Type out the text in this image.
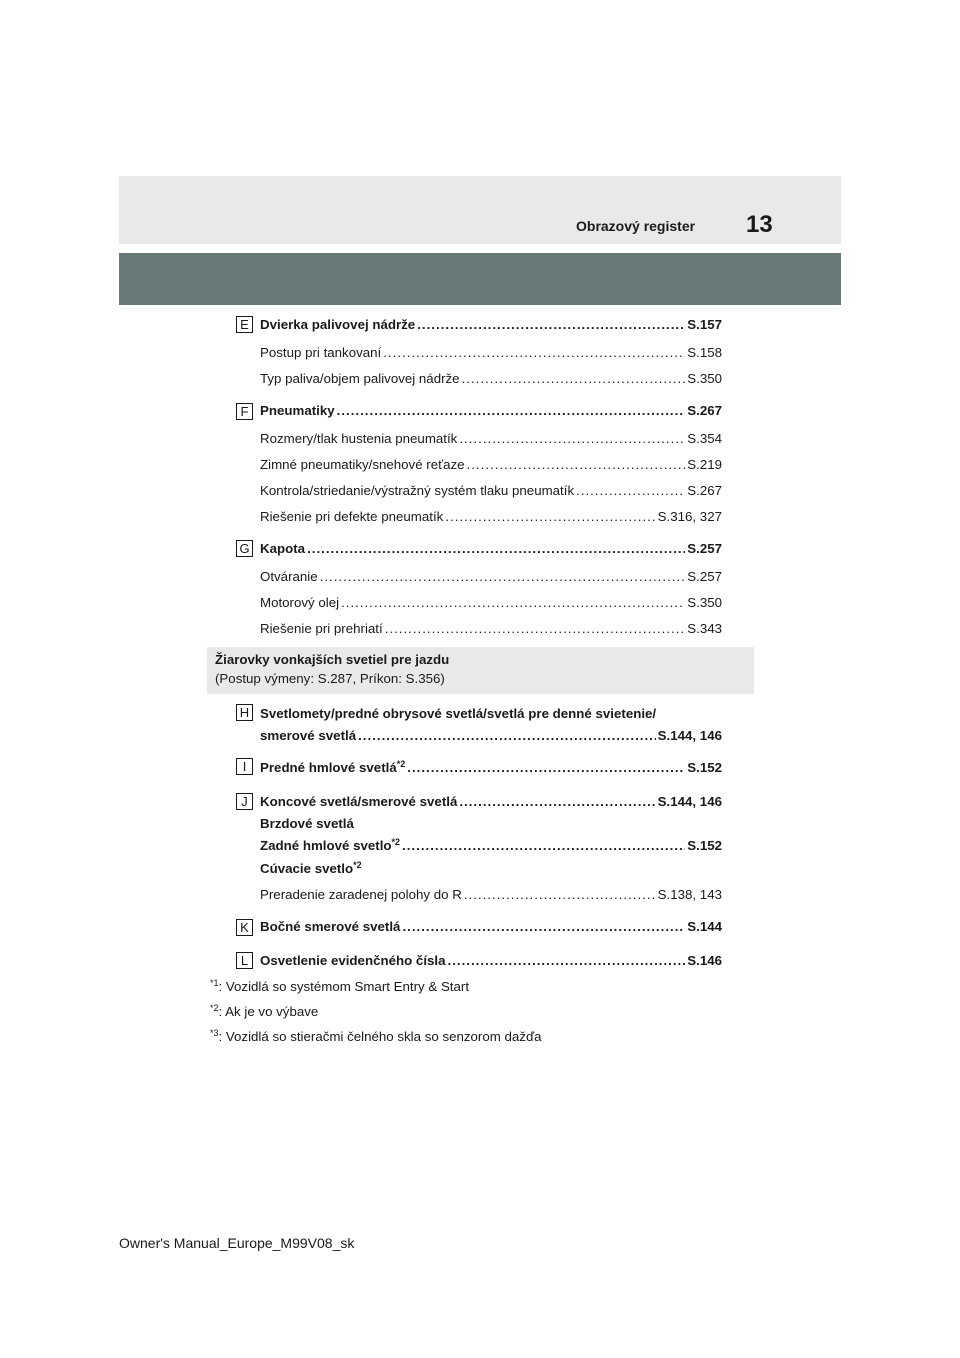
Obrazový register 13
E Dvierka palivovej nádrže .....	S.157
Postup pri tankovaní .....	S.158
Typ paliva/objem palivovej nádrže .....	S.350
F Pneumatiky .....	S.267
Rozmery/tlak hustenia pneumatík .....	S.354
Zimné pneumatiky/snehové reťaze .....	S.219
Kontrola/striedanie/výstražný systém tlaku pneumatík .....	S.267
Riešenie pri defekte pneumatík .....	S.316, 327
G Kapota .....	S.257
Otváranie .....	S.257
Motorový olej .....	S.350
Riešenie pri prehriatí .....	S.343
Žiarovky vonkajších svetiel pre jazdu
(Postup výmeny: S.287, Príkon: S.356)
H Svetlomety/predné obrysové svetlá/svetlá pre denné svietenie/
smerové svetlá .....	S.144, 146
I	Predné hmlové svetlá$^{*2}$ .....	S.152
J Koncové svetlá/smerové svetlá .....	S.144, 146
Brzdové svetlá
Zadné hmlové svetlo$^{*2}$ .....	S.152
Cúvacie svetlo$^{*2}$
Preradenie zaradenej polohy do R .....	S.138, 143
K Bočné smerové svetlá .....	S.144
L Osvetlenie evidenčného čísla .....	S.146
$^{*1}$: Vozidlá so systémom Smart Entry & Start
$^{*2}$: Ak je vo výbave
$^{*3}$: Vozidlá so stieračmi čelného skla so senzorom dažďa
Owner's Manual_Europe_M99V08_sk
